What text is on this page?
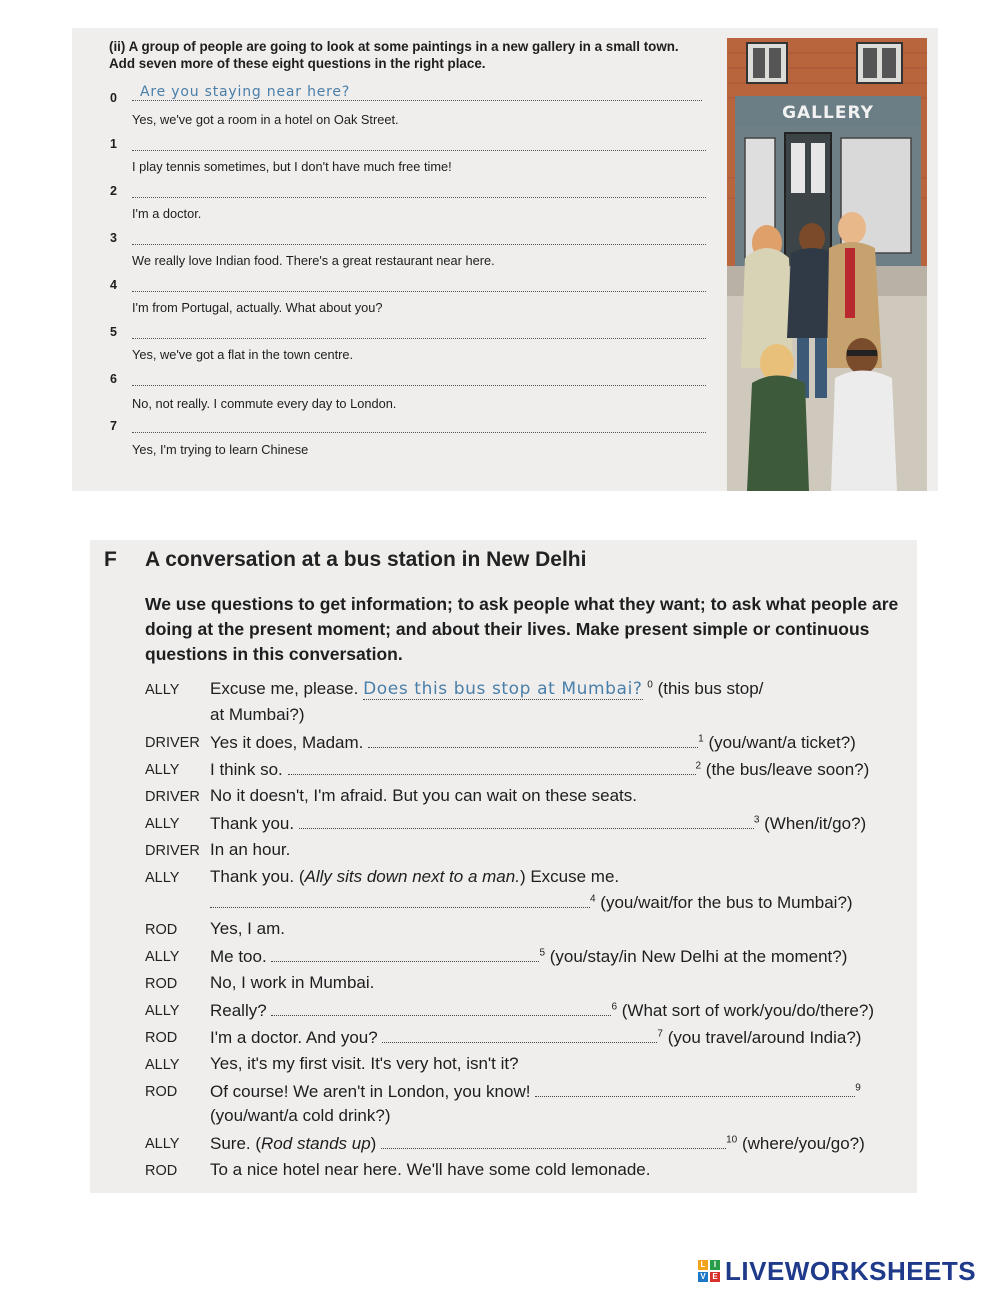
(ii) A group of people are going to look at some paintings in a new gallery in a small town. Add seven more of these eight questions in the right place.
0 Are you staying near here?
Yes, we've got a room in a hotel on Oak Street.
1
I play tennis sometimes, but I don't have much free time!
2
I'm a doctor.
3
We really love Indian food. There's a great restaurant near here.
4
I'm from Portugal, actually. What about you?
5
Yes, we've got a flat in the town centre.
6
No, not really. I commute every day to London.
7
Yes, I'm trying to learn Chinese
GALLERY
F A conversation at a bus station in New Delhi
We use questions to get information; to ask people what they want; to ask what people are doing at the present moment; and about their lives. Make present simple or continuous questions in this conversation.
ALLY Excuse me, please. Does this bus stop at Mumbai? $^0$ (this bus stop/
at Mumbai?)
DRIVER Yes it does, Madam.	$^1$ (you/want/a ticket?)
ALLY I think so.	$^2$ (the bus/leave soon?)
DRIVER No it doesn't, I'm afraid. But you can wait on these seats.
ALLY Thank you.	$^3$ (When/it/go?)
DRIVER In an hour.
ALLY Thank you. (Ally sits down next to a man.) Excuse me.
$^4$ (you/wait/for the bus to Mumbai?)
ROD Yes, I am.
ALLY Me too.	$^5$ (you/stay/in New Delhi at the moment?)
ROD No, I work in Mumbai.
ALLY Really?	$^6$ (What sort of work/you/do/there?)
ROD I'm a doctor. And you?	$^7$ (you travel/around India?)
ALLY Yes, it's my first visit. It's very hot, isn't it?
ROD Of course! We aren't in London, you know!	$^9$
(you/want/a cold drink?)
ALLY Sure. (Rod stands up)	$^{10}$ (where/you/go?)
ROD To a nice hotel near here. We'll have some cold lemonade.
L	I
V E LIVEWORKSHEETS
